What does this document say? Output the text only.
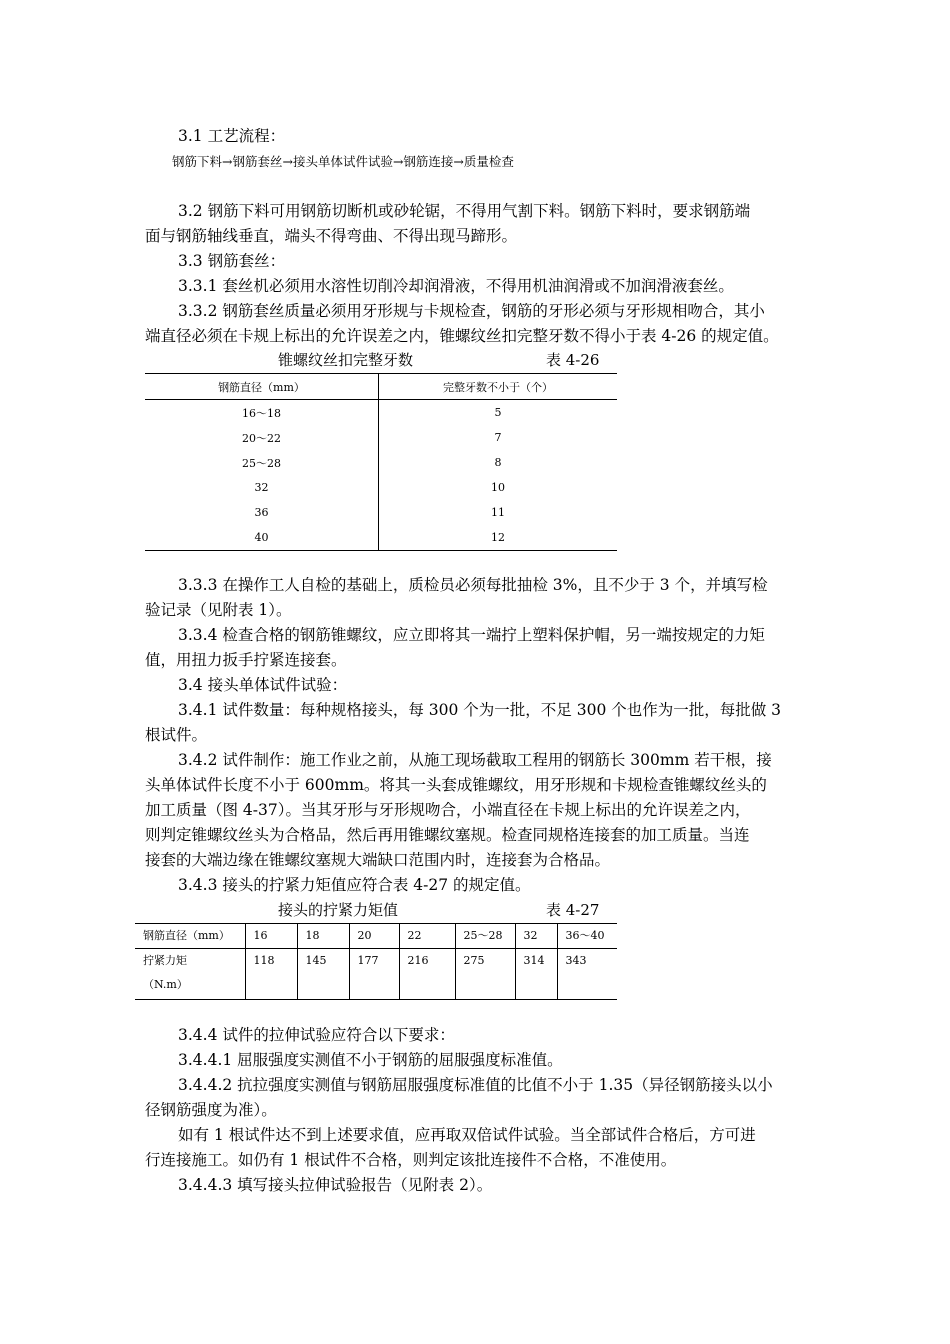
3.1 工艺流程：
钢筋下料→钢筋套丝→接头单体试件试验→钢筋连接→质量检查
3.2 钢筋下料可用钢筋切断机或砂轮锯，不得用气割下料。钢筋下料时，要求钢筋端
面与钢筋轴线垂直，端头不得弯曲、不得出现马蹄形。
3.3 钢筋套丝：
3.3.1 套丝机必须用水溶性切削冷却润滑液，不得用机油润滑或不加润滑液套丝。
3.3.2 钢筋套丝质量必须用牙形规与卡规检查，钢筋的牙形必须与牙形规相吻合，其小
端直径必须在卡规上标出的允许误差之内，锥螺纹丝扣完整牙数不得小于表 4-26 的规定值。
锥螺纹丝扣完整牙数	表 4-26
钢筋直径（mm）	完整牙数不小于（个）
16～18	5
20～22	7
25～28	8
32	10
36	11
40	12
3.3.3 在操作工人自检的基础上，质检员必须每批抽检 3%，且不少于 3 个，并填写检
验记录（见附表 1）。
3.3.4 检查合格的钢筋锥螺纹，应立即将其一端拧上塑料保护帽，另一端按规定的力矩
值，用扭力扳手拧紧连接套。
3.4 接头单体试件试验：
3.4.1 试件数量：每种规格接头，每 300 个为一批，不足 300 个也作为一批，每批做 3
根试件。
3.4.2 试件制作：施工作业之前，从施工现场截取工程用的钢筋长 300mm 若干根，接
头单体试件长度不小于 600mm。将其一头套成锥螺纹，用牙形规和卡规检查锥螺纹丝头的
加工质量（图 4-37）。当其牙形与牙形规吻合，小端直径在卡规上标出的允许误差之内，
则判定锥螺纹丝头为合格品，然后再用锥螺纹塞规。检查同规格连接套的加工质量。当连
接套的大端边缘在锥螺纹塞规大端缺口范围内时，连接套为合格品。
3.4.3 接头的拧紧力矩值应符合表 4-27 的规定值。
接头的拧紧力矩值	表 4-27
钢筋直径（mm）	16	18	20	22	25～28	32	36～40

拧紧力矩
（N.m）	118	145	177	216	275	314	343
3.4.4 试件的拉伸试验应符合以下要求：
3.4.4.1 屈服强度实测值不小于钢筋的屈服强度标准值。
3.4.4.2 抗拉强度实测值与钢筋屈服强度标准值的比值不小于 1.35（异径钢筋接头以小
径钢筋强度为准）。
如有 1 根试件达不到上述要求值，应再取双倍试件试验。当全部试件合格后，方可进
行连接施工。如仍有 1 根试件不合格，则判定该批连接件不合格，不准使用。
3.4.4.3 填写接头拉伸试验报告（见附表 2）。
